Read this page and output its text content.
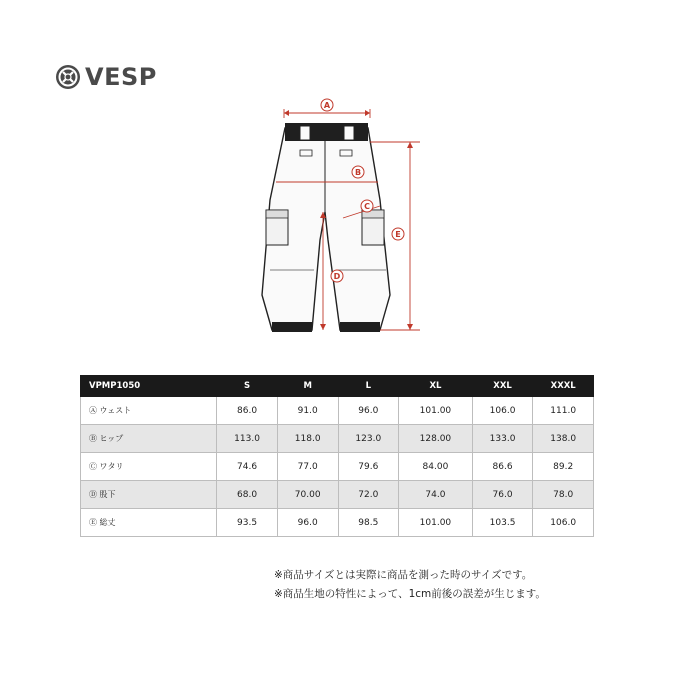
VESP
A
B
C
D
E
VPMP1050	S	M	L	XL	XXL	XXXL
Ⓐ ウェスト	86.0	91.0	96.0	101.00	106.0	111.0
Ⓑ ヒップ	113.0	118.0	123.0	128.00	133.0	138.0
Ⓒ ワタリ	74.6	77.0	79.6	84.00	86.6	89.2
Ⓓ 股下	68.0	70.00	72.0	74.0	76.0	78.0
Ⓔ 総丈	93.5	96.0	98.5	101.00	103.5	106.0
※商品サイズとは実際に商品を測った時のサイズです。
※商品生地の特性によって、1cm前後の誤差が生じます。
